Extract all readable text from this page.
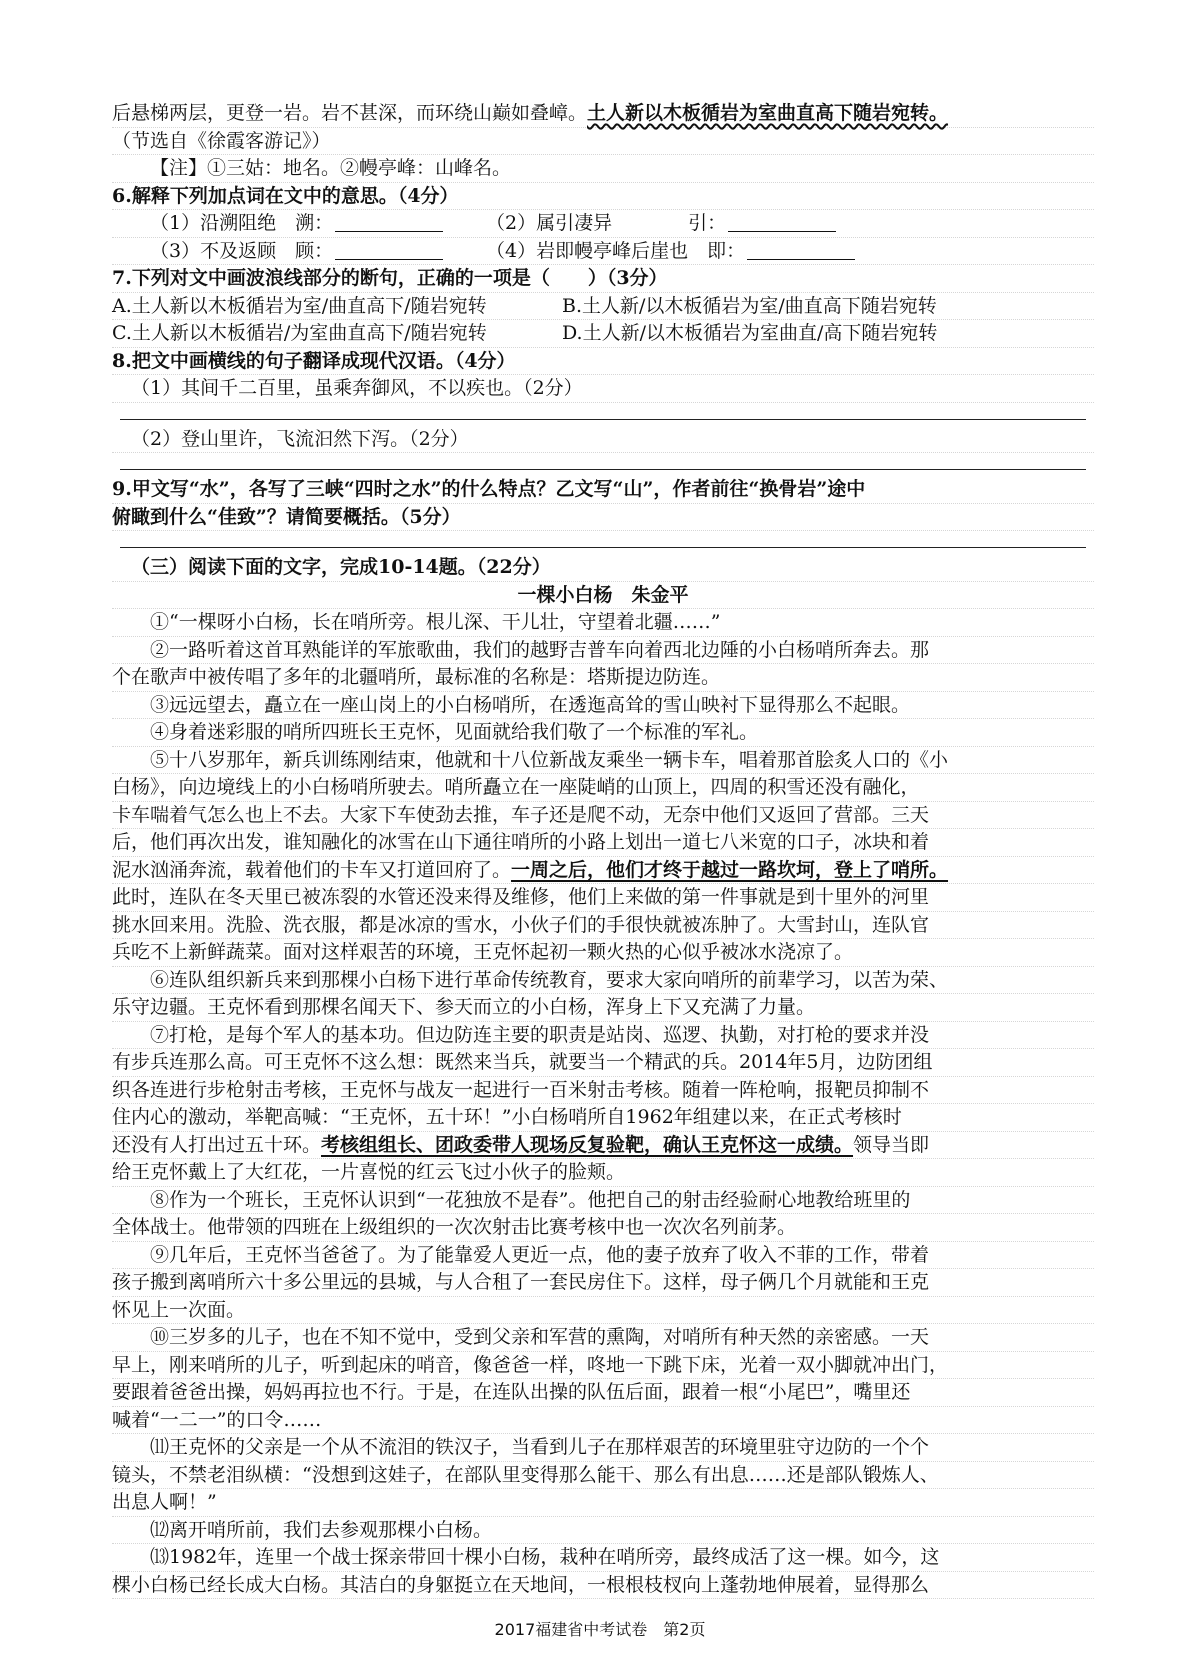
后悬梯两层，更登一岩。岩不甚深，而环绕山巅如叠嶂。土人新以木板循岩为室曲直高下随岩宛转。
（节选自《徐霞客游记》）
【注】①三姑：地名。②幔亭峰：山峰名。
6.解释下列加点词在文中的意思。（4分）
（1）沿溯阻绝　溯：	（2）属引凄异　　　　引：
（3）不及返顾　顾：	（4）岩即幔亭峰后崖也　即：
7.下列对文中画波浪线部分的断句，正确的一项是（　　）（3分）
A.土人新以木板循岩为室/曲直高下/随岩宛转	B.土人新/以木板循岩为室/曲直高下随岩宛转
C.土人新以木板循岩/为室曲直高下/随岩宛转	D.土人新/以木板循岩为室曲直/高下随岩宛转
8.把文中画横线的句子翻译成现代汉语。（4分）
（1）其间千二百里，虽乘奔御风，不以疾也。（2分）
（2）登山里许，飞流汩然下泻。（2分）
9.甲文写“水”，各写了三峡“四时之水”的什么特点？乙文写“山”，作者前往“换骨岩”途中
俯瞰到什么“佳致”？请简要概括。（5分）
（三）阅读下面的文字，完成10-14题。（22分）
一棵小白杨　朱金平
①“一棵呀小白杨，长在哨所旁。根儿深、干儿壮，守望着北疆……”
②一路听着这首耳熟能详的军旅歌曲，我们的越野吉普车向着西北边陲的小白杨哨所奔去。那
个在歌声中被传唱了多年的北疆哨所，最标准的名称是：塔斯提边防连。
③远远望去，矗立在一座山岗上的小白杨哨所，在透迤高耸的雪山映衬下显得那么不起眼。
④身着迷彩服的哨所四班长王克怀，见面就给我们敬了一个标准的军礼。
⑤十八岁那年，新兵训练刚结束，他就和十八位新战友乘坐一辆卡车，唱着那首脍炙人口的《小
白杨》，向边境线上的小白杨哨所驶去。哨所矗立在一座陡峭的山顶上，四周的积雪还没有融化，
卡车喘着气怎么也上不去。大家下车使劲去推，车子还是爬不动，无奈中他们又返回了营部。三天
后，他们再次出发，谁知融化的冰雪在山下通往哨所的小路上划出一道七八米宽的口子，冰块和着
泥水汹涌奔流，载着他们的卡车又打道回府了。一周之后，他们才终于越过一路坎坷，登上了哨所。
此时，连队在冬天里已被冻裂的水管还没来得及维修，他们上来做的第一件事就是到十里外的河里
挑水回来用。洗脸、洗衣服，都是冰凉的雪水，小伙子们的手很快就被冻肿了。大雪封山，连队官
兵吃不上新鲜蔬菜。面对这样艰苦的环境，王克怀起初一颗火热的心似乎被冰水浇凉了。
⑥连队组织新兵来到那棵小白杨下进行革命传统教育，要求大家向哨所的前辈学习，以苦为荣、
乐守边疆。王克怀看到那棵名闻天下、参天而立的小白杨，浑身上下又充满了力量。
⑦打枪，是每个军人的基本功。但边防连主要的职责是站岗、巡逻、执勤，对打枪的要求并没
有步兵连那么高。可王克怀不这么想：既然来当兵，就要当一个精武的兵。2014年5月，边防团组
织各连进行步枪射击考核，王克怀与战友一起进行一百米射击考核。随着一阵枪响，报靶员抑制不
住内心的激动，举靶高喊：“王克怀，五十环！”小白杨哨所自1962年组建以来，在正式考核时
还没有人打出过五十环。考核组组长、团政委带人现场反复验靶，确认王克怀这一成绩。领导当即
给王克怀戴上了大红花，一片喜悦的红云飞过小伙子的脸颊。
⑧作为一个班长，王克怀认识到“一花独放不是春”。他把自己的射击经验耐心地教给班里的
全体战士。他带领的四班在上级组织的一次次射击比赛考核中也一次次名列前茅。
⑨几年后，王克怀当爸爸了。为了能靠爱人更近一点，他的妻子放弃了收入不菲的工作，带着
孩子搬到离哨所六十多公里远的县城，与人合租了一套民房住下。这样，母子俩几个月就能和王克
怀见上一次面。
⑩三岁多的儿子，也在不知不觉中，受到父亲和军营的熏陶，对哨所有种天然的亲密感。一天
早上，刚来哨所的儿子，听到起床的哨音，像爸爸一样，咚地一下跳下床，光着一双小脚就冲出门，
要跟着爸爸出操，妈妈再拉也不行。于是，在连队出操的队伍后面，跟着一根“小尾巴”，嘴里还
喊着“一二一”的口令……
⑾王克怀的父亲是一个从不流泪的铁汉子，当看到儿子在那样艰苦的环境里驻守边防的一个个
镜头，不禁老泪纵横：“没想到这娃子，在部队里变得那么能干、那么有出息……还是部队锻炼人、
出息人啊！”
⑿离开哨所前，我们去参观那棵小白杨。
⒀1982年，连里一个战士探亲带回十棵小白杨，栽种在哨所旁，最终成活了这一棵。如今，这
棵小白杨已经长成大白杨。其洁白的身躯挺立在天地间，一根根枝杈向上蓬勃地伸展着，显得那么
2017福建省中考试卷　第2页
